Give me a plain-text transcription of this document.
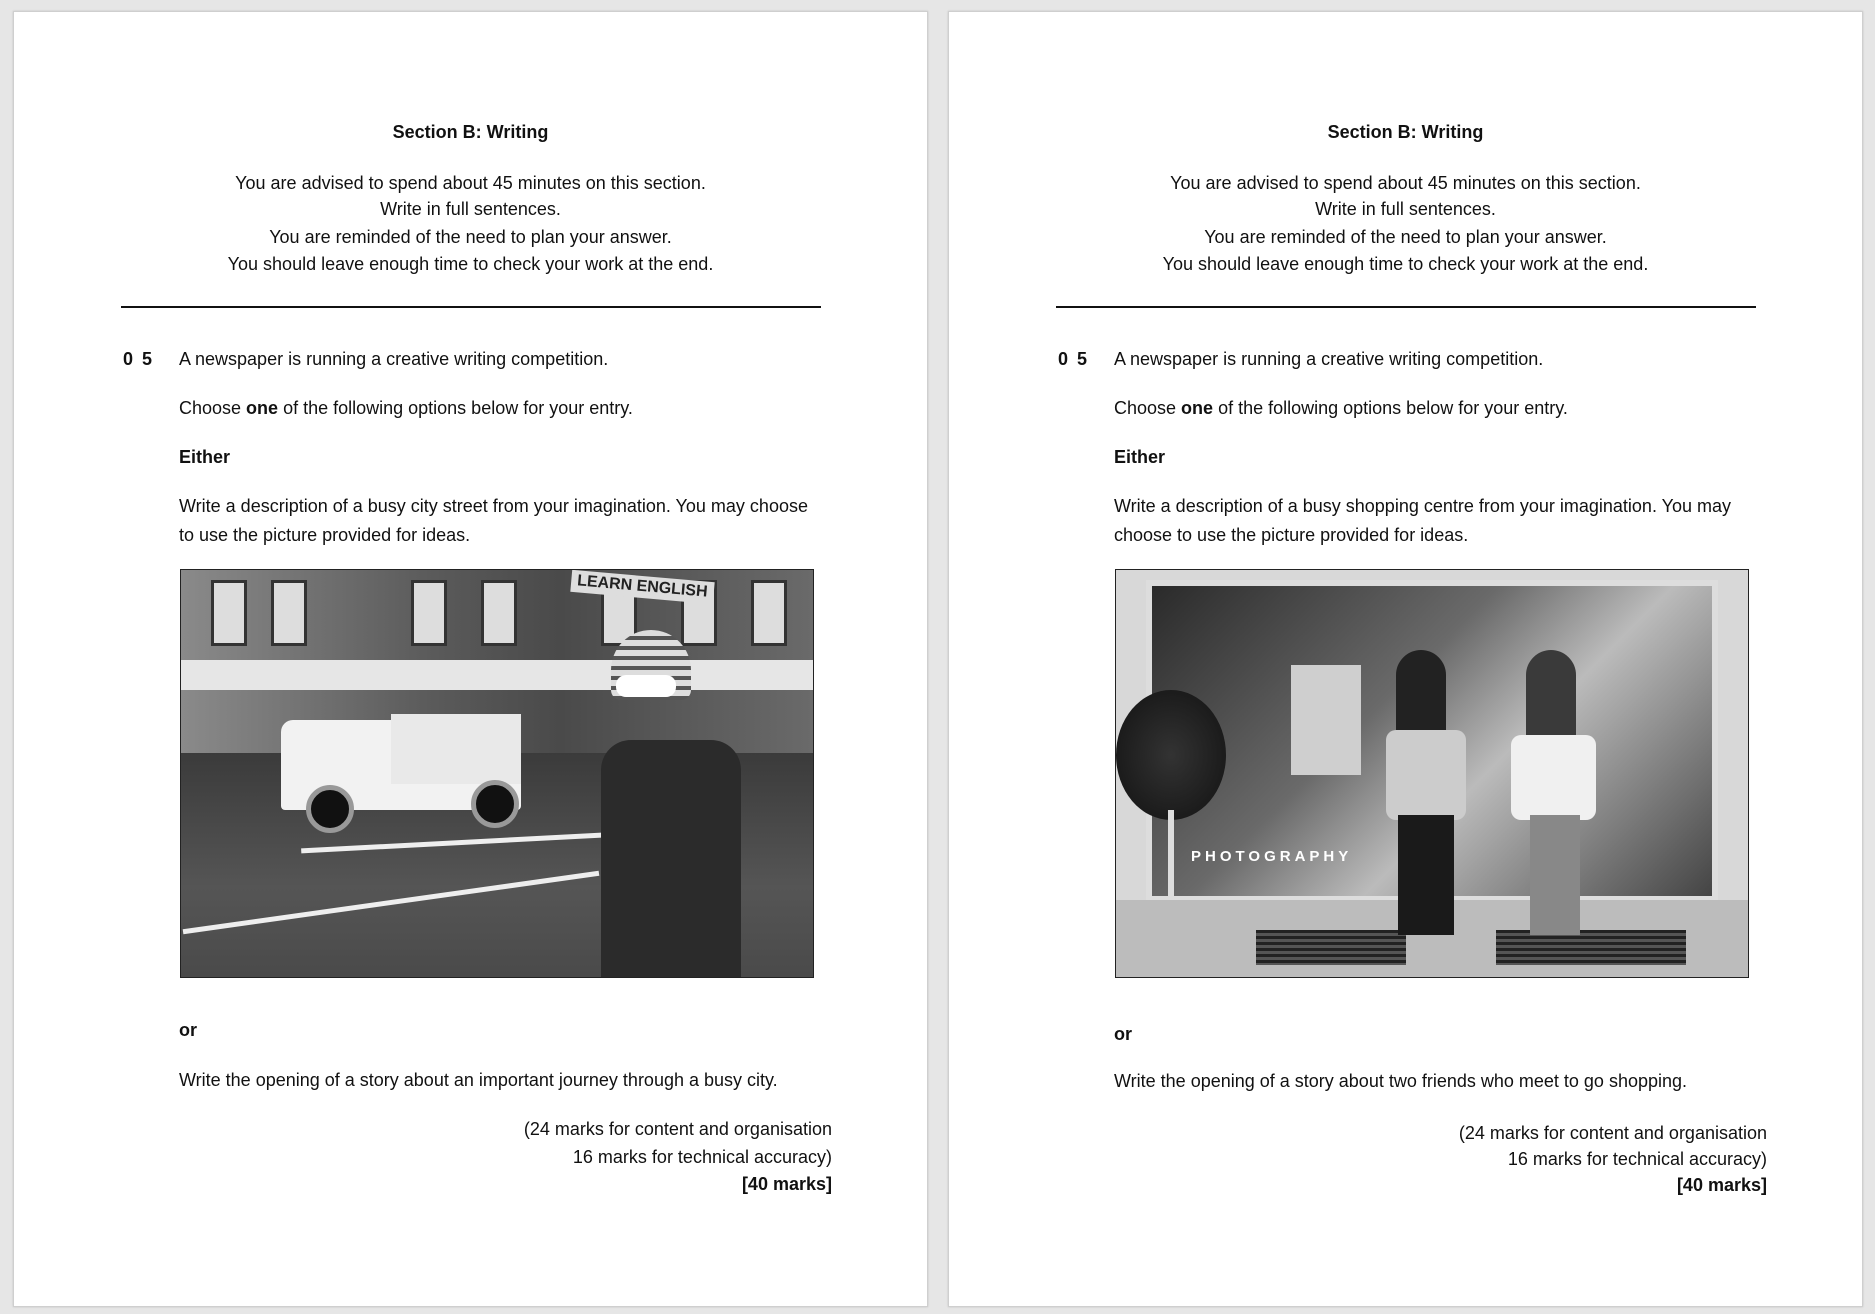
Section B: Writing
You are advised to spend about 45 minutes on this section.
Write in full sentences.
You are reminded of the need to plan your answer.
You should leave enough time to check your work at the end.
0 5 A newspaper is running a creative writing competition.
Choose one of the following options below for your entry.
Either
Write a description of a busy city street from your imagination. You may choose
to use the picture provided for ideas.
LEARN ENGLISH
or
Write the opening of a story about an important journey through a busy city.
(24 marks for content and organisation
16 marks for technical accuracy)
[40 marks]
Section B: Writing
You are advised to spend about 45 minutes on this section.
Write in full sentences.
You are reminded of the need to plan your answer.
You should leave enough time to check your work at the end.
0 5 A newspaper is running a creative writing competition.
Choose one of the following options below for your entry.
Either
Write a description of a busy shopping centre from your imagination. You may
choose to use the picture provided for ideas.
PHOTOGRAPHY
or
Write the opening of a story about two friends who meet to go shopping.
(24 marks for content and organisation
16 marks for technical accuracy)
[40 marks]
